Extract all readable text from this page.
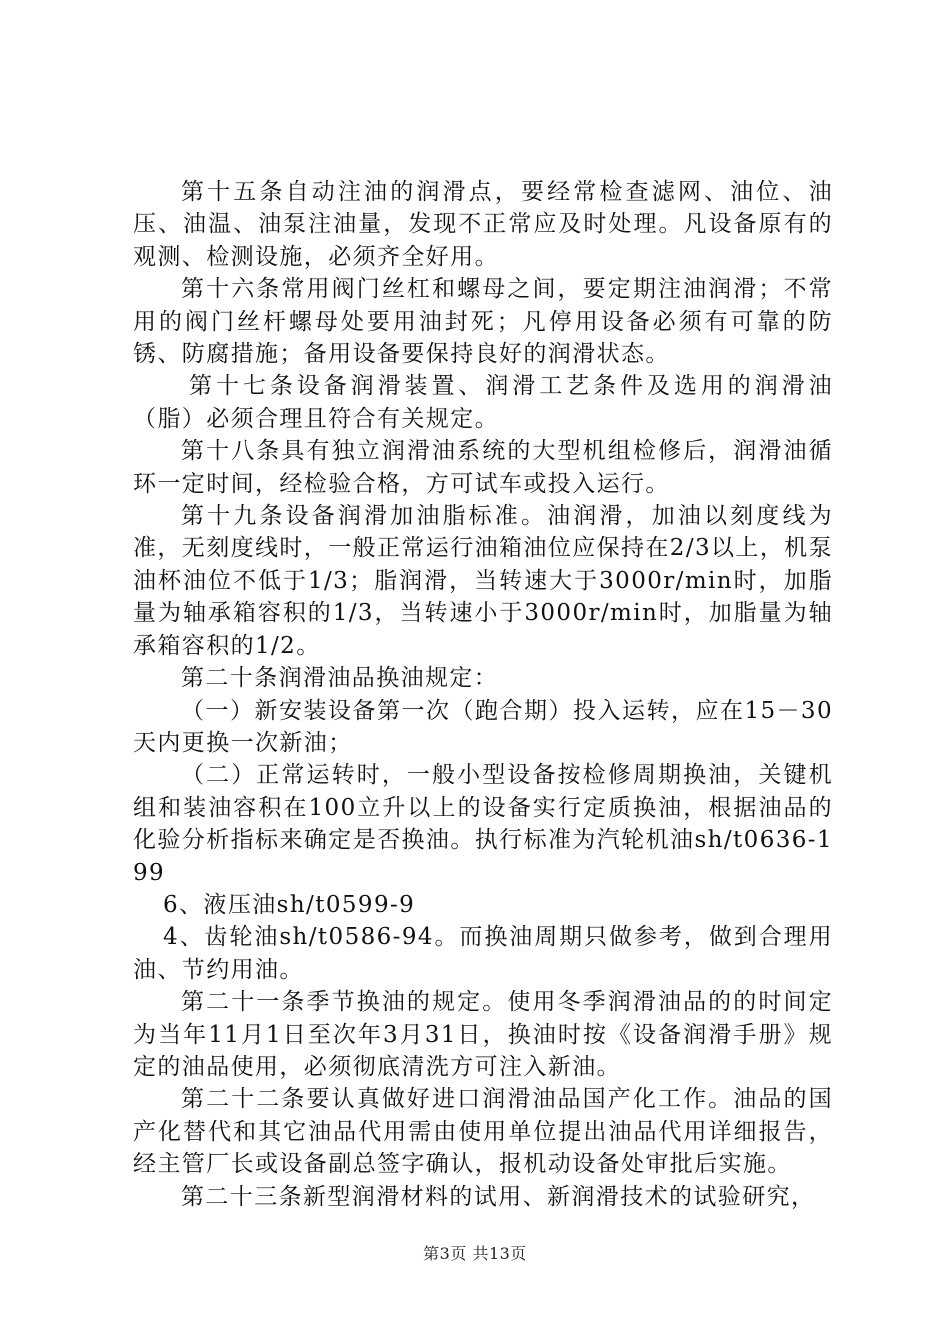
第十五条自动注油的润滑点，要经常检查滤网、油位、油压、油温、油泵注油量，发现不正常应及时处理。凡设备原有的观测、检测设施，必须齐全好用。

第十六条常用阀门丝杠和螺母之间，要定期注油润滑；不常用的阀门丝杆螺母处要用油封死；凡停用设备必须有可靠的防锈、防腐措施；备用设备要保持良好的润滑状态。

第十七条设备润滑装置、润滑工艺条件及选用的润滑油（脂）必须合理且符合有关规定。

第十八条具有独立润滑油系统的大型机组检修后，润滑油循环一定时间，经检验合格，方可试车或投入运行。

第十九条设备润滑加油脂标准。油润滑，加油以刻度线为准，无刻度线时，一般正常运行油箱油位应保持在2/3以上，机泵油杯油位不低于1/3；脂润滑，当转速大于3000r/min时，加脂量为轴承箱容积的1/3，当转速小于3000r/min时，加脂量为轴承箱容积的1/2。

第二十条润滑油品换油规定：

（一）新安装设备第一次（跑合期）投入运转，应在15－30天内更换一次新油；

（二）正常运转时，一般小型设备按检修周期换油，关键机组和装油容积在100立升以上的设备实行定质换油，根据油品的化验分析指标来确定是否换油。执行标准为汽轮机油sh/t0636-199

6、液压油sh/t0599-9

4、齿轮油sh/t0586-94。而换油周期只做参考，做到合理用油、节约用油。

第二十一条季节换油的规定。使用冬季润滑油品的的时间定为当年11月1日至次年3月31日，换油时按《设备润滑手册》规定的油品使用，必须彻底清洗方可注入新油。

第二十二条要认真做好进口润滑油品国产化工作。油品的国产化替代和其它油品代用需由使用单位提出油品代用详细报告，经主管厂长或设备副总签字确认，报机动设备处审批后实施。

第二十三条新型润滑材料的试用、新润滑技术的试验研究，

第3页 共13页
